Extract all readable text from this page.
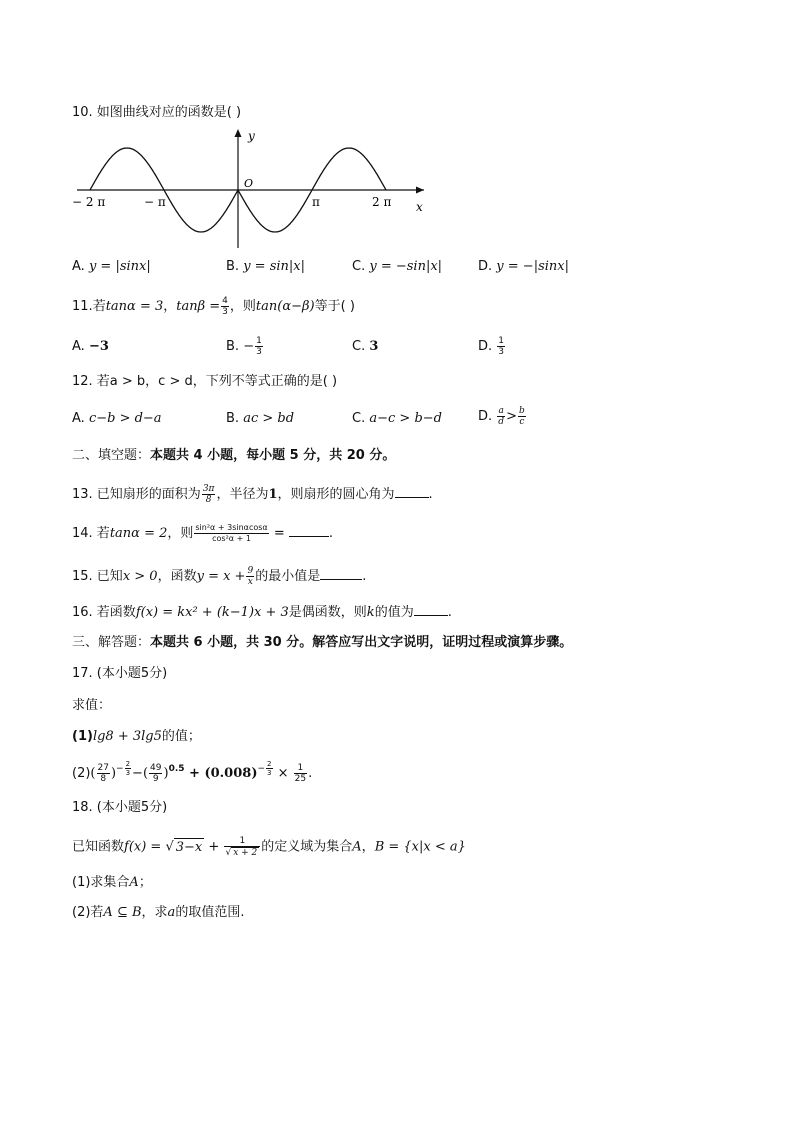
10. 如图曲线对应的函数是( )
y
x
O
− 2 π	− π	π	2 π
A. y = |sinx|	B. y = sin|x|	C. y = −sin|x|	D. y = −|sinx|
11.若tanα = 3，$\tan\beta = \frac{4}{3}$ ，则tan(α−β)等于( )
A. −3	B. − $\frac{1}{3}$	C. 3	D. $\frac{1}{3}$
12. 若a > b，c > d，下列不等式正确的是( )
A. c−b > d−a	B. ac > bd	C. a−c > b−d	D. $\frac{a}{d} > \frac{b}{c}$
二、填空题：本题共 4 小题，每小题 5 分，共 20 分。
13. 已知扇形的面积为 $\frac{3\pi}{8}$ ，半径为1，则扇形的圆心角为	.
14. 若tanα = 2，则 $\frac{\text{sin²α + 3sinαcosα}}{\text{cos²α + 1}}$ =	.
15. 已知x > 0，函数$y = x + \frac{9}{x}$ 的最小值是	.
16. 若函数f(x) = kx² + (k−1)x + 3是偶函数，则k的值为	.
三、解答题：本题共 6 小题，共 30 分。解答应写出文字说明，证明过程或演算步骤。
17. (本小题5分)
求值：
(1)lg8 + 3lg5的值；
$(2)( \frac{27}{8} )^{- \frac{2}{3}}$ −( $\frac{49}{9} )^{0.5} + (0.008)^{- \frac{2}{3}} \times \frac{1}{25}$ .
18. (本小题5分)
已知函数f(x) = √ $3-x + \frac{1}{√ x + 2}$ 的定义域为集合A，B = {x|x < a}
(1)求集合A；
(2)若A ⊆ B，求a的取值范围.
